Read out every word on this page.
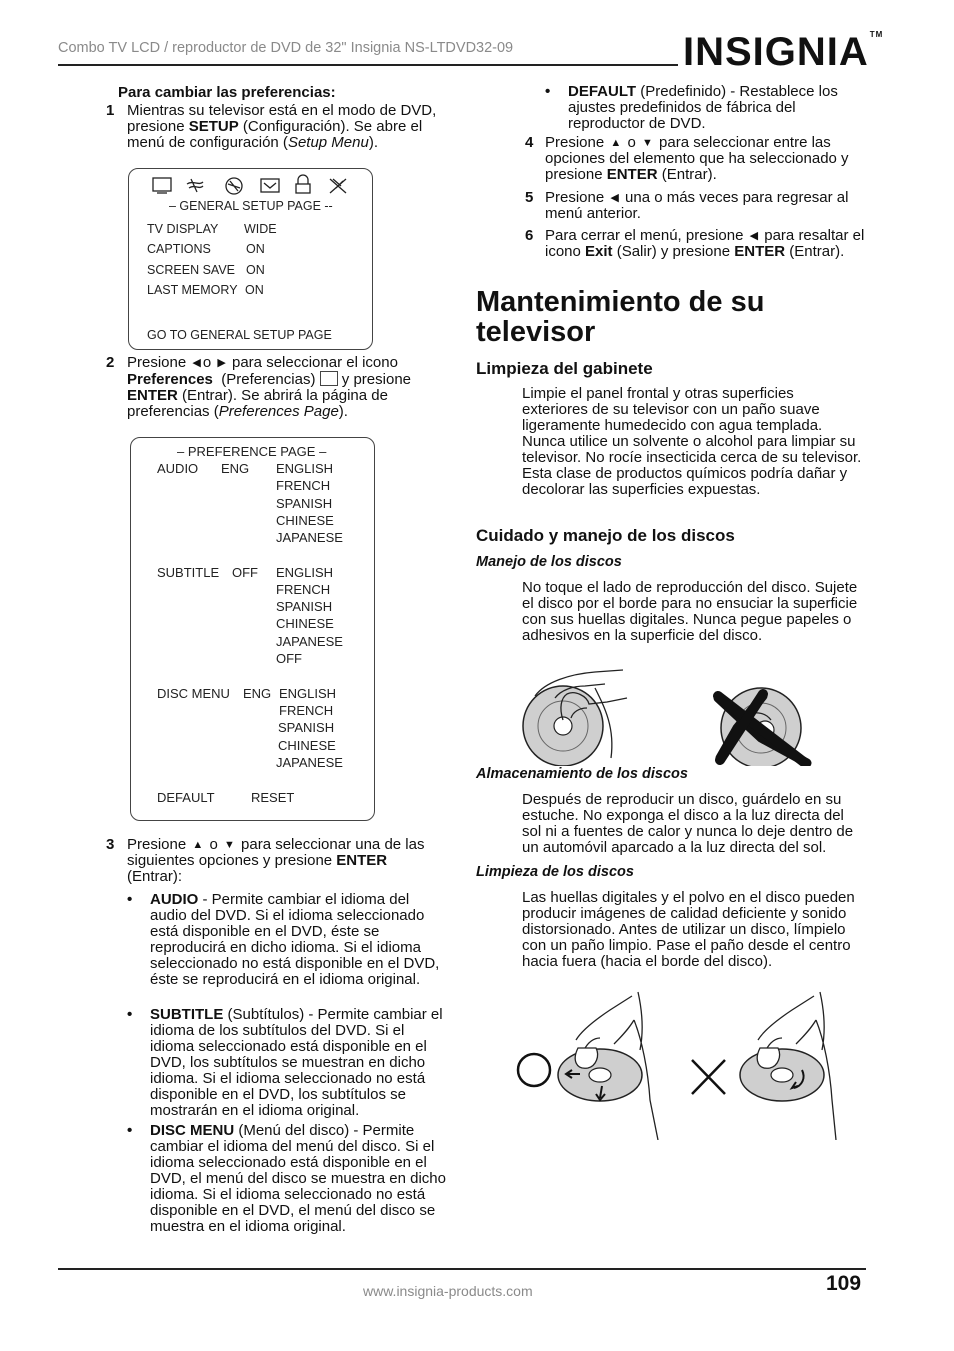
Combo TV LCD / reproductor de DVD de 32" Insignia NS-LTDVD32-09	INSIGNIA™
Para cambiar las preferencias:
1 Mientras su televisor está en el modo de DVD, presione SETUP (Configuración). Se abre el menú de configuración (Setup Menu).
– GENERAL SETUP PAGE --
TV DISPLAY WIDE
CAPTIONS	ON
SCREEN SAVE ON
LAST MEMORY ON
GO TO GENERAL SETUP PAGE
2 Presione ◀ o ▶ para seleccionar el icono
Preferences (Preferencias) y presione
ENTER (Entrar). Se abrirá la página de preferencias (Preferences Page).
– PREFERENCE PAGE –
AUDIO ENG ENGLISH
FRENCH
SPANISH
CHINESE
JAPANESE
SUBTITLE OFF ENGLISH
FRENCH
SPANISH
CHINESE
JAPANESE
OFF
DISC MENU ENG ENGLISH
FRENCH
SPANISH
CHINESE
JAPANESE
DEFAULT	RESET
3 Presione ▲ o ▼ para seleccionar una de las siguientes opciones y presione ENTER
(Entrar):
• AUDIO - Permite cambiar el idioma del audio del DVD. Si el idioma seleccionado está disponible en el DVD, éste se reproducirá en dicho idioma. Si el idioma seleccionado no está disponible en el DVD, éste se reproducirá en el idioma original.
• SUBTITLE (Subtítulos) - Permite cambiar el idioma de los subtítulos del DVD. Si el idioma seleccionado está disponible en el DVD, los subtítulos se muestran en dicho idioma. Si el idioma seleccionado no está disponible en el DVD, los subtítulos se mostrarán en el idioma original.
• DISC MENU (Menú del disco) - Permite cambiar el idioma del menú del disco. Si el idioma seleccionado está disponible en el DVD, el menú del disco se muestra en dicho idioma. Si el idioma seleccionado no está disponible en el DVD, el menú del disco se muestra en el idioma original.
• DEFAULT (Predefinido) - Restablece los ajustes predefinidos de fábrica del reproductor de DVD.
4 Presione ▲ o ▼ para seleccionar entre las opciones del elemento que ha seleccionado y presione ENTER (Entrar).
5 Presione ◀ una o más veces para regresar al menú anterior.
6 Para cerrar el menú, presione ◀ para resaltar el icono Exit (Salir) y presione ENTER (Entrar).
Mantenimiento de su televisor
Limpieza del gabinete
Limpie el panel frontal y otras superficies exteriores de su televisor con un paño suave ligeramente humedecido con agua templada. Nunca utilice un solvente o alcohol para limpiar su televisor. No rocíe insecticida cerca de su televisor. Esta clase de productos químicos podría dañar y decolorar las superficies expuestas.
Cuidado y manejo de los discos
Manejo de los discos
No toque el lado de reproducción del disco. Sujete el disco por el borde para no ensuciar la superficie con sus huellas digitales. Nunca pegue papeles o adhesivos en la superficie del disco.
Almacenamiento de los discos
Después de reproducir un disco, guárdelo en su estuche. No exponga el disco a la luz directa del sol ni a fuentes de calor y nunca lo deje dentro de un automóvil aparcado a la luz directa del sol.
Limpieza de los discos
Las huellas digitales y el polvo en el disco pueden producir imágenes de calidad deficiente y sonido distorsionado. Antes de utilizar un disco, límpielo con un paño limpio. Pase el paño desde el centro hacia fuera (hacia el borde del disco).
www.insignia-products.com	109
